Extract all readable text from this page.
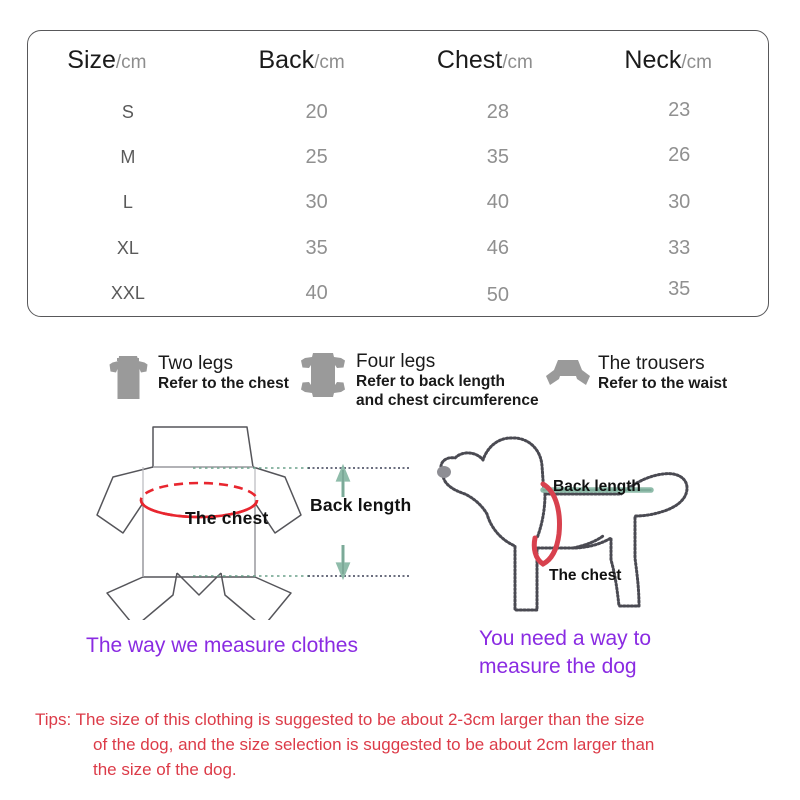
Size/cm	Back/cm	Chest/cm	Neck/cm
S	20	28	23
M	25	35	26
L	30	40	30
XL	35	46	33
XXL	40	50	35
Two legs
Refer to the chest
Four legs
Refer to back length
and chest circumference
The trousers
Refer to the waist
The chest
Back length
Back length
The chest
The way we measure clothes	You need a way to
measure the dog
Tips: The size of this clothing is suggested to be about 2-3cm larger than the size
of the dog, and the size selection is suggested to be about 2cm larger than
the size of the dog.
